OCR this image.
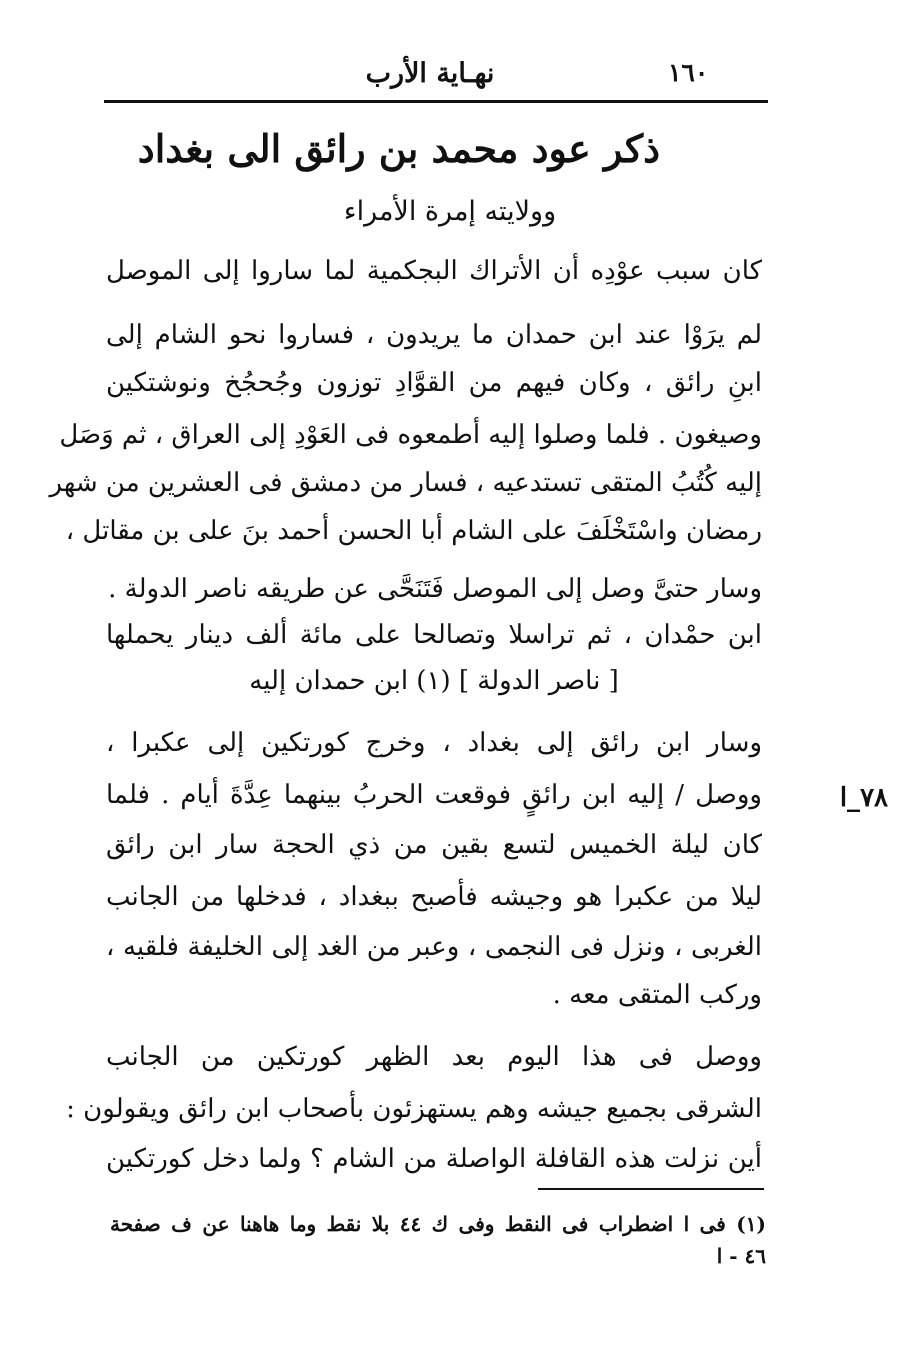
١٦٠
نهـاية الأرب
ذكر عود محمد بن رائق الى بغداد
وولايته إمرة الأمراء
كان سبب عوْدِه أن الأتراك البجكمية لما ساروا إلى الموصل
لم يرَوْا عند ابن حمدان ما يريدون ، فساروا نحو الشام إلى
ابنِ رائق ، وكان فيهم من القوَّادِ توزون وجُحجُخ ونوشتكين
وصيغون . فلما وصلوا إليه أطمعوه فى العَوْدِ إلى العراق ، ثم وَصَل
إليه كُتُبُ المتقى تستدعيه ، فسار من دمشق فى العشرين من شهر
رمضان واسْتَخْلَفَ على الشام أبا الحسن أحمد بنَ على بن مقاتل ،
وسار حتىَّ وصل إلى الموصل فَتَنَحَّى عن طريقه ناصر الدولة .
ابن حمْدان ، ثم تراسلا وتصالحا على مائة ألف دينار يحملها
[ ناصر الدولة ] (١) ابن حمدان إليه
وسار ابن رائق إلى بغداد ، وخرج كورتكين إلى عكبرا ،
٧٨_ا
ووصل / إليه ابن رائقٍ فوقعت الحربُ بينهما عِدَّةَ أيام . فلما
كان ليلة الخميس لتسع بقين من ذي الحجة سار ابن رائق
ليلا من عكبرا هو وجيشه فأصبح ببغداد ، فدخلها من الجانب
الغربى ، ونزل فى النجمى ، وعبر من الغد إلى الخليفة فلقيه ،
وركب المتقى معه .
ووصل فى هذا اليوم بعد الظهر كورتكين من الجانب
الشرقى بجميع جيشه وهم يستهزئون بأصحاب ابن رائق ويقولون :
أين نزلت هذه القافلة الواصلة من الشام ؟ ولما دخل كورتكين
(١) فى ا اضطراب فى النقط وفى ك ٤٤ بلا نقط وما هاهنا عن ف صفحة
٤٦ - ا
